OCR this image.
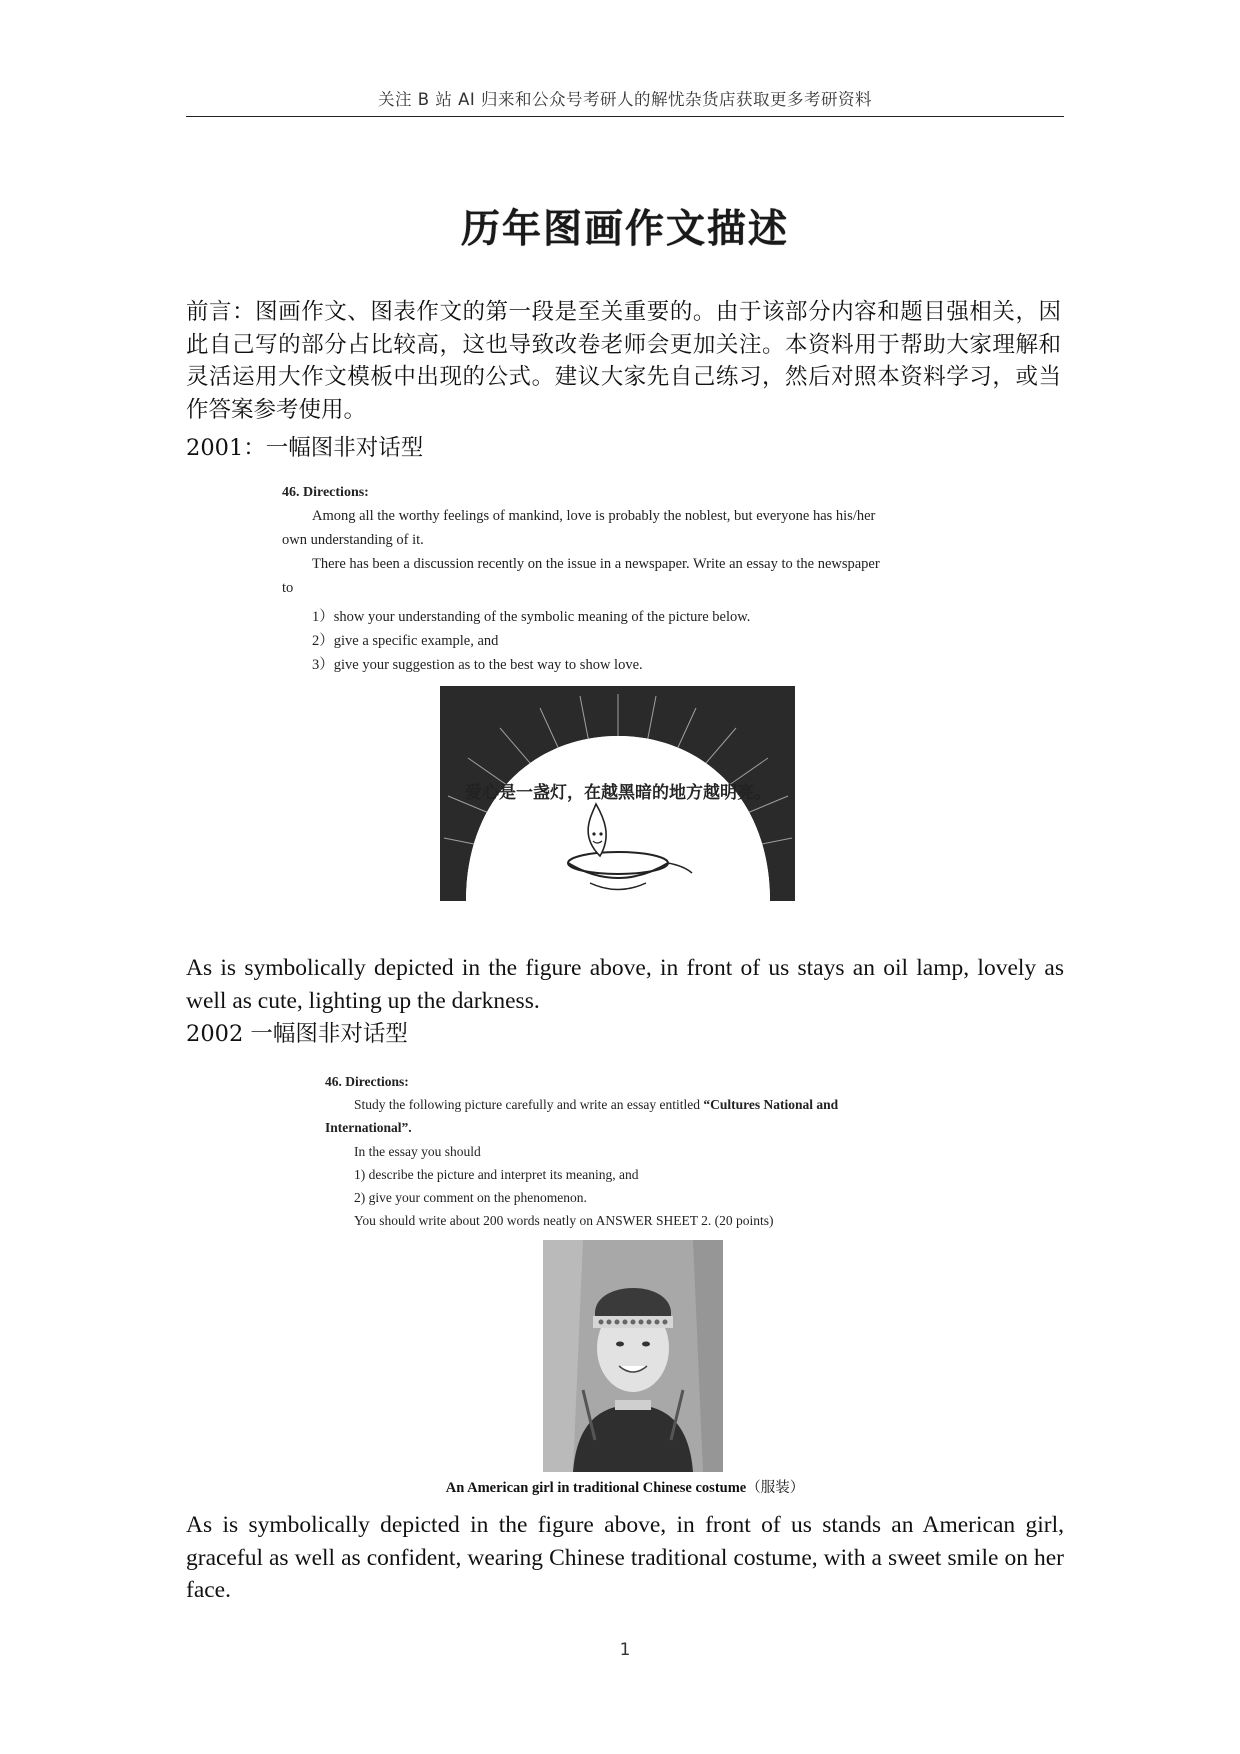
关注 B 站 AI 归来和公众号考研人的解忧杂货店获取更多考研资料
历年图画作文描述
前言：图画作文、图表作文的第一段是至关重要的。由于该部分内容和题目强相关，因此自己写的部分占比较高，这也导致改卷老师会更加关注。本资料用于帮助大家理解和灵活运用大作文模板中出现的公式。建议大家先自己练习，然后对照本资料学习，或当作答案参考使用。
2001：一幅图非对话型
46. Directions:
Among all the worthy feelings of mankind, love is probably the noblest, but everyone has his/her
own understanding of it.
There has been a discussion recently on the issue in a newspaper. Write an essay to the newspaper
to
1）show your understanding of the symbolic meaning of the picture below.
2）give a specific example, and
3）give your suggestion as to the best way to show love.
爱心是一盏灯，在越黑暗的地方越明亮。
As is symbolically depicted in the figure above, in front of us stays an oil lamp, lovely as well as cute, lighting up the darkness.
2002 一幅图非对话型
46. Directions:
Study the following picture carefully and write an essay entitled “Cultures National and
International”.
In the essay you should
1) describe the picture and interpret its meaning, and
2) give your comment on the phenomenon.
You should write about 200 words neatly on ANSWER SHEET 2. (20 points)
An American girl in traditional Chinese costume（服装）
As is symbolically depicted in the figure above, in front of us stands an American girl, graceful as well as confident, wearing Chinese traditional costume, with a sweet smile on her face.
1
